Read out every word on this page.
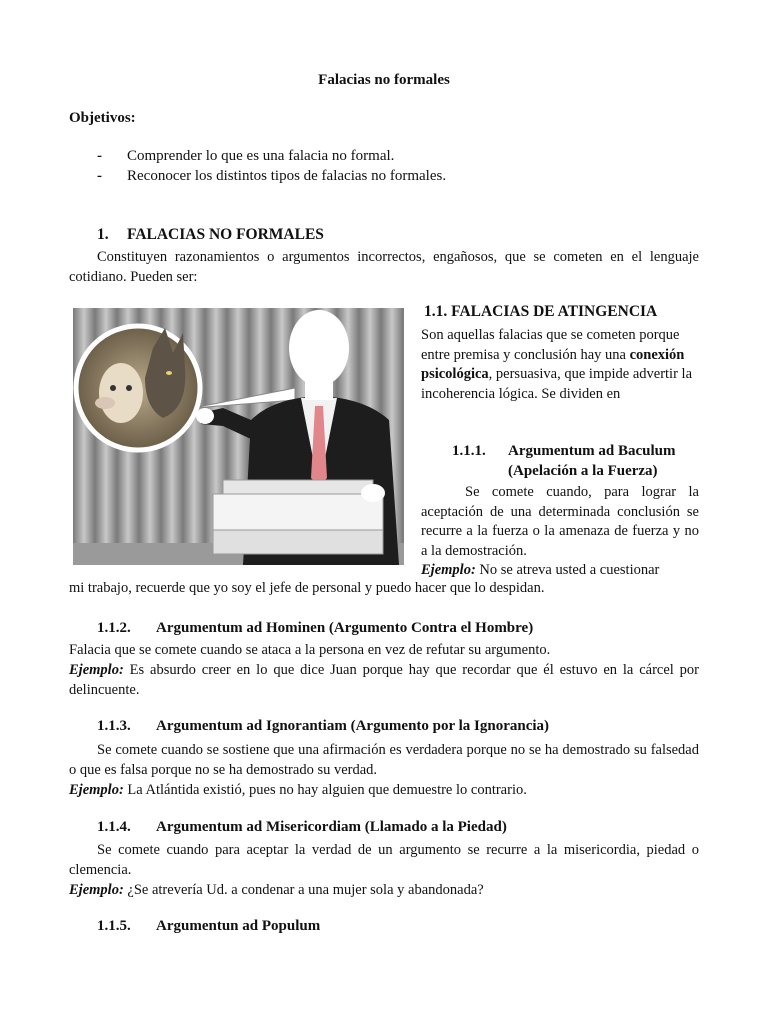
Falacias no formales
Objetivos:
- Comprender lo que es una falacia no formal.
- Reconocer los distintos tipos de falacias no formales.
1. FALACIAS NO FORMALES
Constituyen razonamientos o argumentos incorrectos, engañosos, que se cometen en el lenguaje cotidiano. Pueden ser:
1.1. FALACIAS DE ATINGENCIA
Son aquellas falacias que se cometen porque entre premisa y conclusión hay una conexión psicológica, persuasiva, que impide advertir la incoherencia lógica. Se dividen en
1.1.1. Argumentum ad Baculum
(Apelación a la Fuerza)
Se comete cuando, para lograr la aceptación de una determinada conclusión se recurre a la fuerza o la amenaza de fuerza y no a la demostración.
Ejemplo: No se atreva usted a cuestionar
mi trabajo, recuerde que yo soy el jefe de personal y puedo hacer que lo despidan.
1.1.2. Argumentum ad Hominen (Argumento Contra el Hombre)
Falacia que se comete cuando se ataca a la persona en vez de refutar su argumento.
Ejemplo: Es absurdo creer en lo que dice Juan porque hay que recordar que él estuvo en la cárcel por delincuente.
1.1.3. Argumentum ad Ignorantiam (Argumento por la Ignorancia)
Se comete cuando se sostiene que una afirmación es verdadera porque no se ha demostrado su falsedad o que es falsa porque no se ha demostrado su verdad.
Ejemplo: La Atlántida existió, pues no hay alguien que demuestre lo contrario.
1.1.4. Argumentum ad Misericordiam (Llamado a la Piedad)
Se comete cuando para aceptar la verdad de un argumento se recurre a la misericordia, piedad o clemencia.
Ejemplo: ¿Se atrevería Ud. a condenar a una mujer sola y abandonada?
1.1.5. Argumentun ad Populum
